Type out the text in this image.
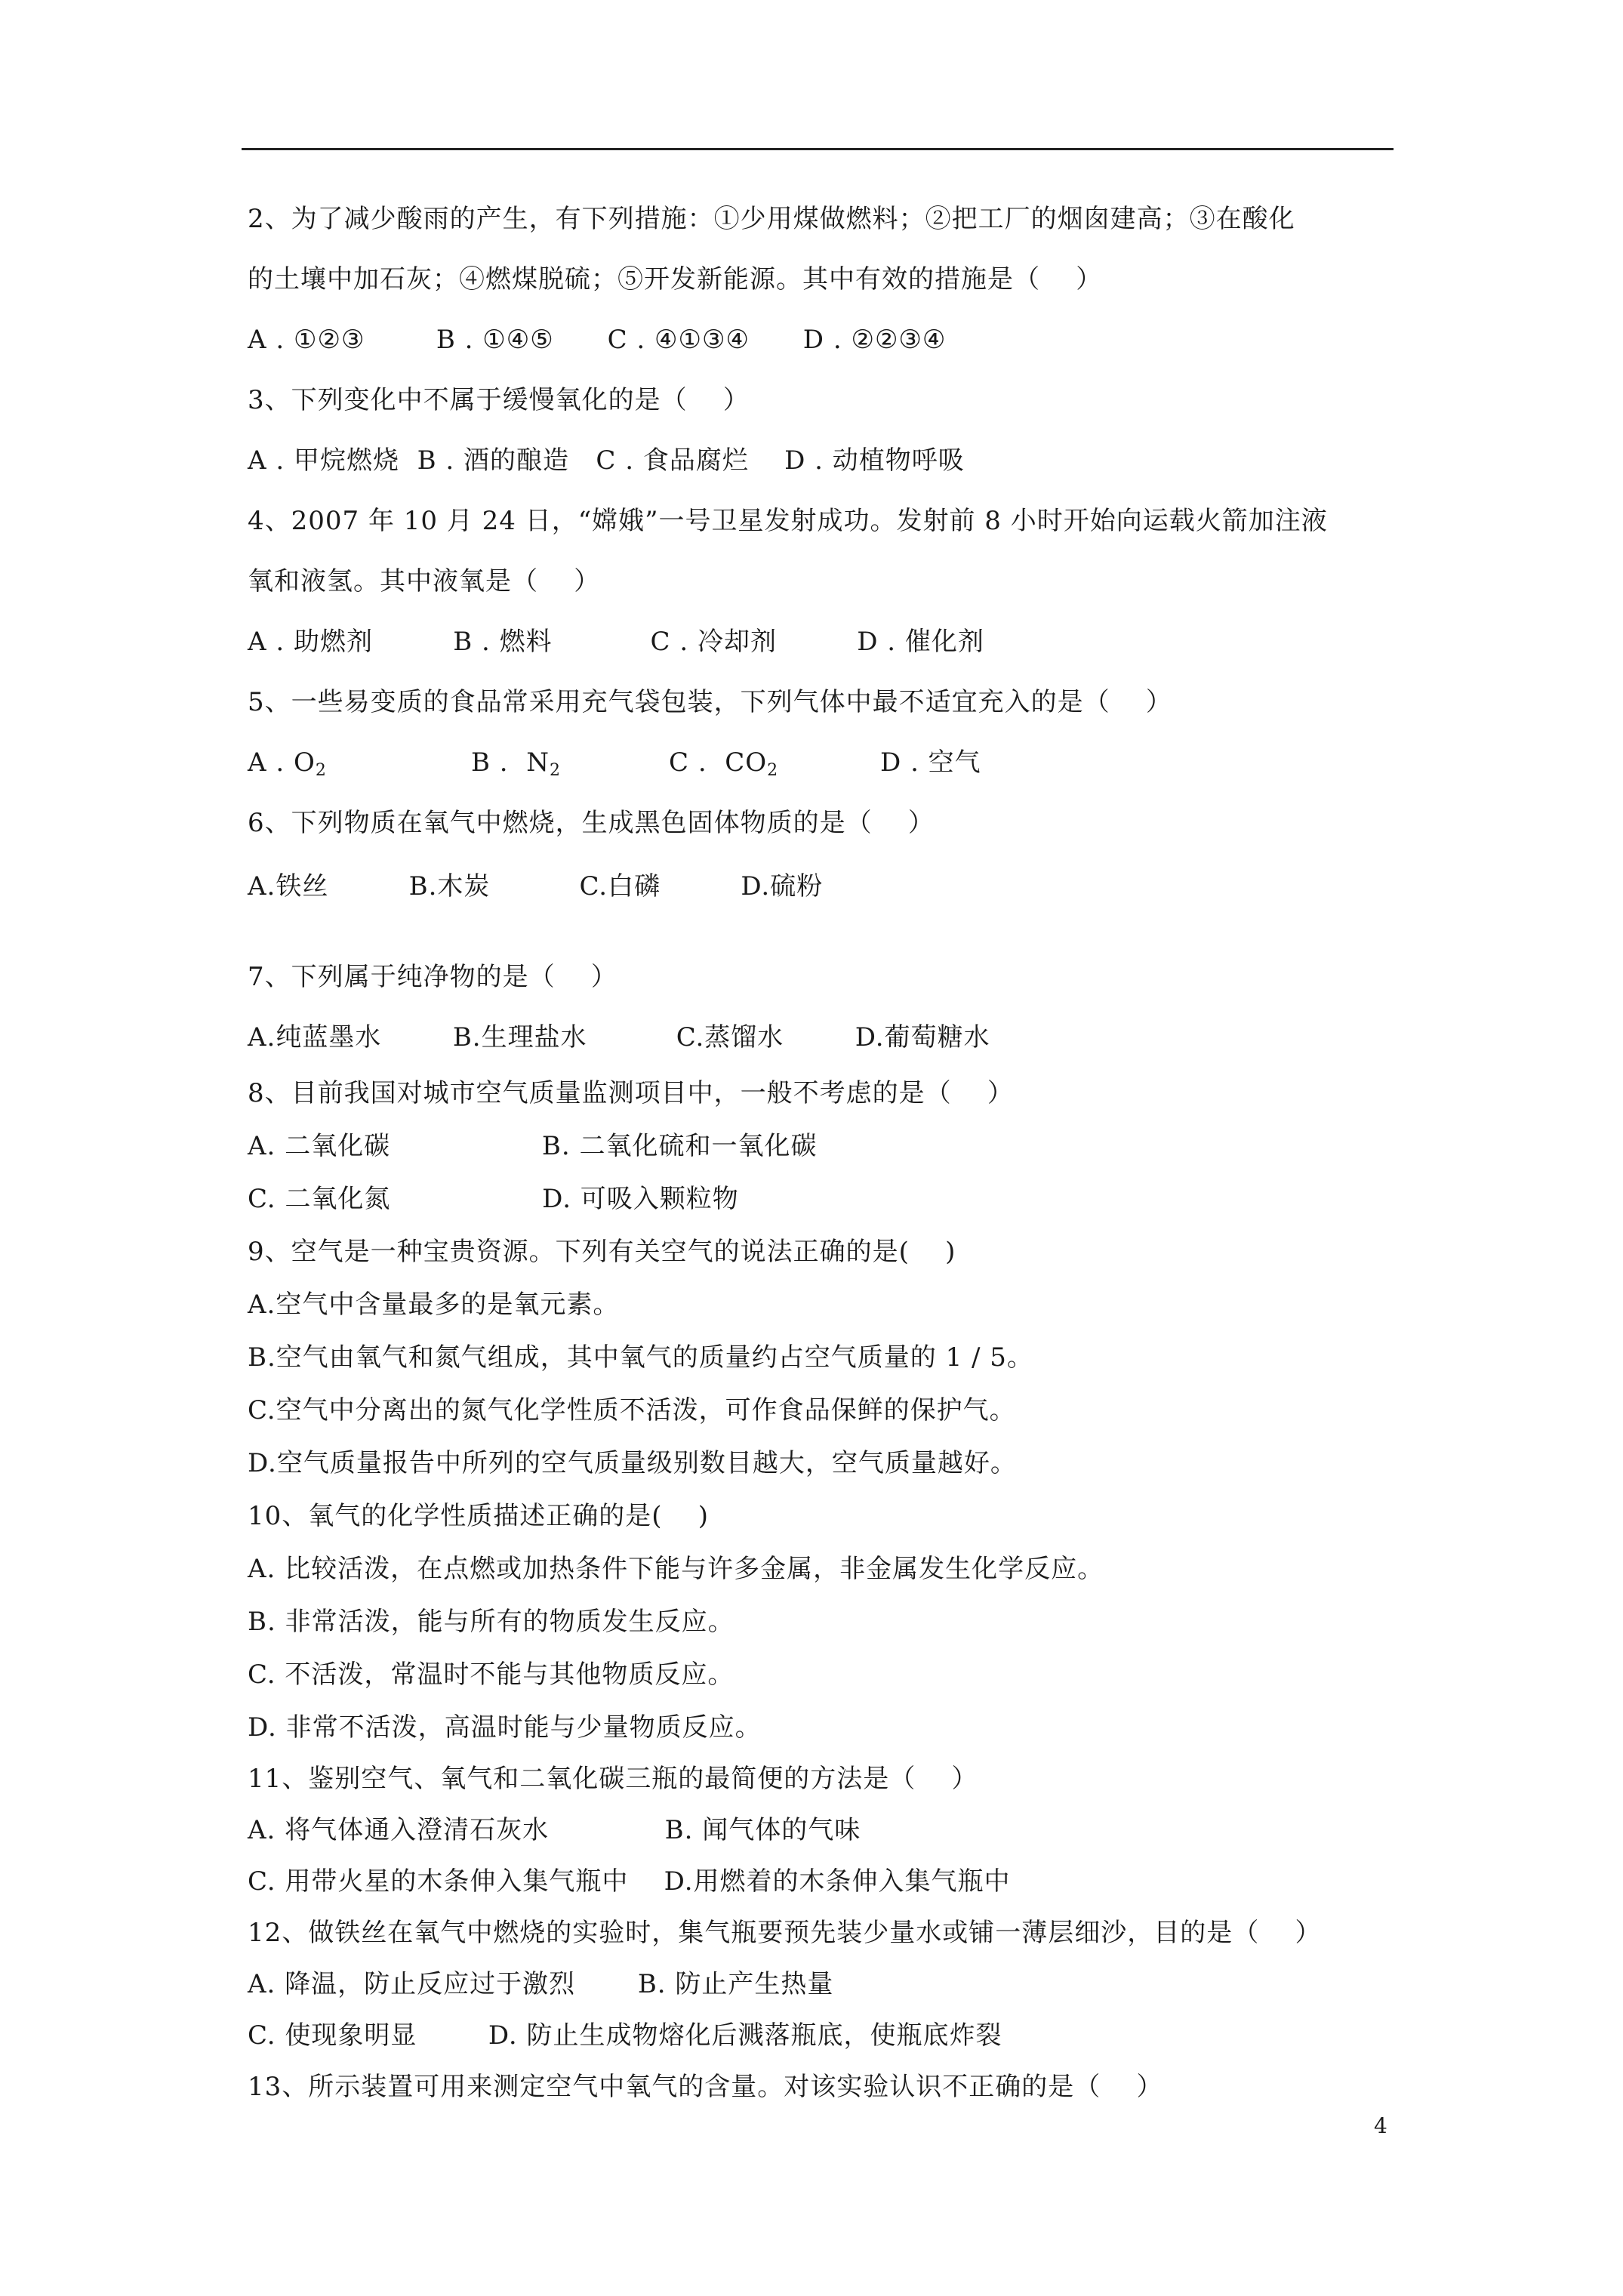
2、为了减少酸雨的产生，有下列措施：①少用煤做燃料；②把工厂的烟囱建高；③在酸化
的土壤中加石灰；④燃煤脱硫；⑤开发新能源。其中有效的措施是（    ）
A . ①②③        B . ①④⑤      C . ④①③④      D . ②②③④
3、下列变化中不属于缓慢氧化的是（    ）
A . 甲烷燃烧  B . 酒的酿造   C . 食品腐烂    D . 动植物呼吸
4、2007 年 10 月 24 日，“嫦娥”一号卫星发射成功。发射前 8 小时开始向运载火箭加注液
氧和液氢。其中液氧是（    ）
A . 助燃剂         B . 燃料           C . 冷却剂         D . 催化剂
5、一些易变质的食品常采用充气袋包装，下列气体中最不适宜充入的是（    ）
A . $O_2$	B .  $N_2$	C .  $CO_2$	D . 空气
6、下列物质在氧气中燃烧，生成黑色固体物质的是（    ）
A.铁丝         B.木炭          C.白磷         D.硫粉
7、下列属于纯净物的是（    ）
A.纯蓝墨水        B.生理盐水          C.蒸馏水        D.葡萄糖水
8、目前我国对城市空气质量监测项目中，一般不考虑的是（    ）
A. 二氧化碳                 B. 二氧化硫和一氧化碳
C. 二氧化氮                 D. 可吸入颗粒物
9、空气是一种宝贵资源。下列有关空气的说法正确的是(    )
A.空气中含量最多的是氧元素。
B.空气由氧气和氮气组成，其中氧气的质量约占空气质量的 1 / 5。
C.空气中分离出的氮气化学性质不活泼，可作食品保鲜的保护气。
D.空气质量报告中所列的空气质量级别数目越大，空气质量越好。
10、氧气的化学性质描述正确的是(    )
A. 比较活泼，在点燃或加热条件下能与许多金属，非金属发生化学反应。
B. 非常活泼，能与所有的物质发生反应。
C. 不活泼，常温时不能与其他物质反应。
D. 非常不活泼，高温时能与少量物质反应。
11、鉴别空气、氧气和二氧化碳三瓶的最简便的方法是（    ）
A. 将气体通入澄清石灰水             B. 闻气体的气味
C. 用带火星的木条伸入集气瓶中    D.用燃着的木条伸入集气瓶中
12、做铁丝在氧气中燃烧的实验时，集气瓶要预先装少量水或铺一薄层细沙，目的是（    ）
A. 降温，防止反应过于激烈       B. 防止产生热量
C. 使现象明显        D. 防止生成物熔化后溅落瓶底，使瓶底炸裂
13、所示装置可用来测定空气中氧气的含量。对该实验认识不正确的是（    ）
4
